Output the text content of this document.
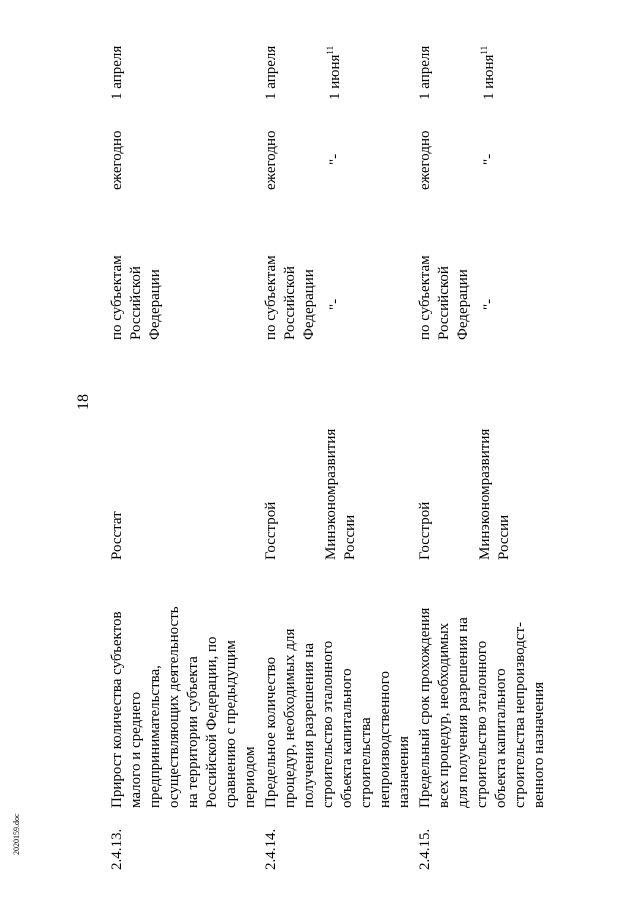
18
2.4.13.
Прирост количества субъектов малого и среднего предпринимательства, осуществляющих деятельность на территории субъекта Российской Федерации, по сравнению с предыдущим периодом
Росстат
по субъектам Российской Федерации
ежегодно
1 апреля
2.4.14.
Предельное количество процедур, необходимых для получения разрешения на строительство эталонного объекта капитального строительства непроизводственного назначения
Госстрой
по субъектам Российской Федерации
ежегодно
1 апреля
Минэкономразвития России
"-
"-
1 июня$^{11}$
2.4.15.
Предельный срок прохождения всех процедур, необходимых для получения разрешения на строительство эталонного объекта капитального строительства непроизводст- венного назначения
Госстрой
по субъектам Российской Федерации
ежегодно
1 апреля
Минэкономразвития России
"-
"-
1 июня$^{11}$
2020159.doc
